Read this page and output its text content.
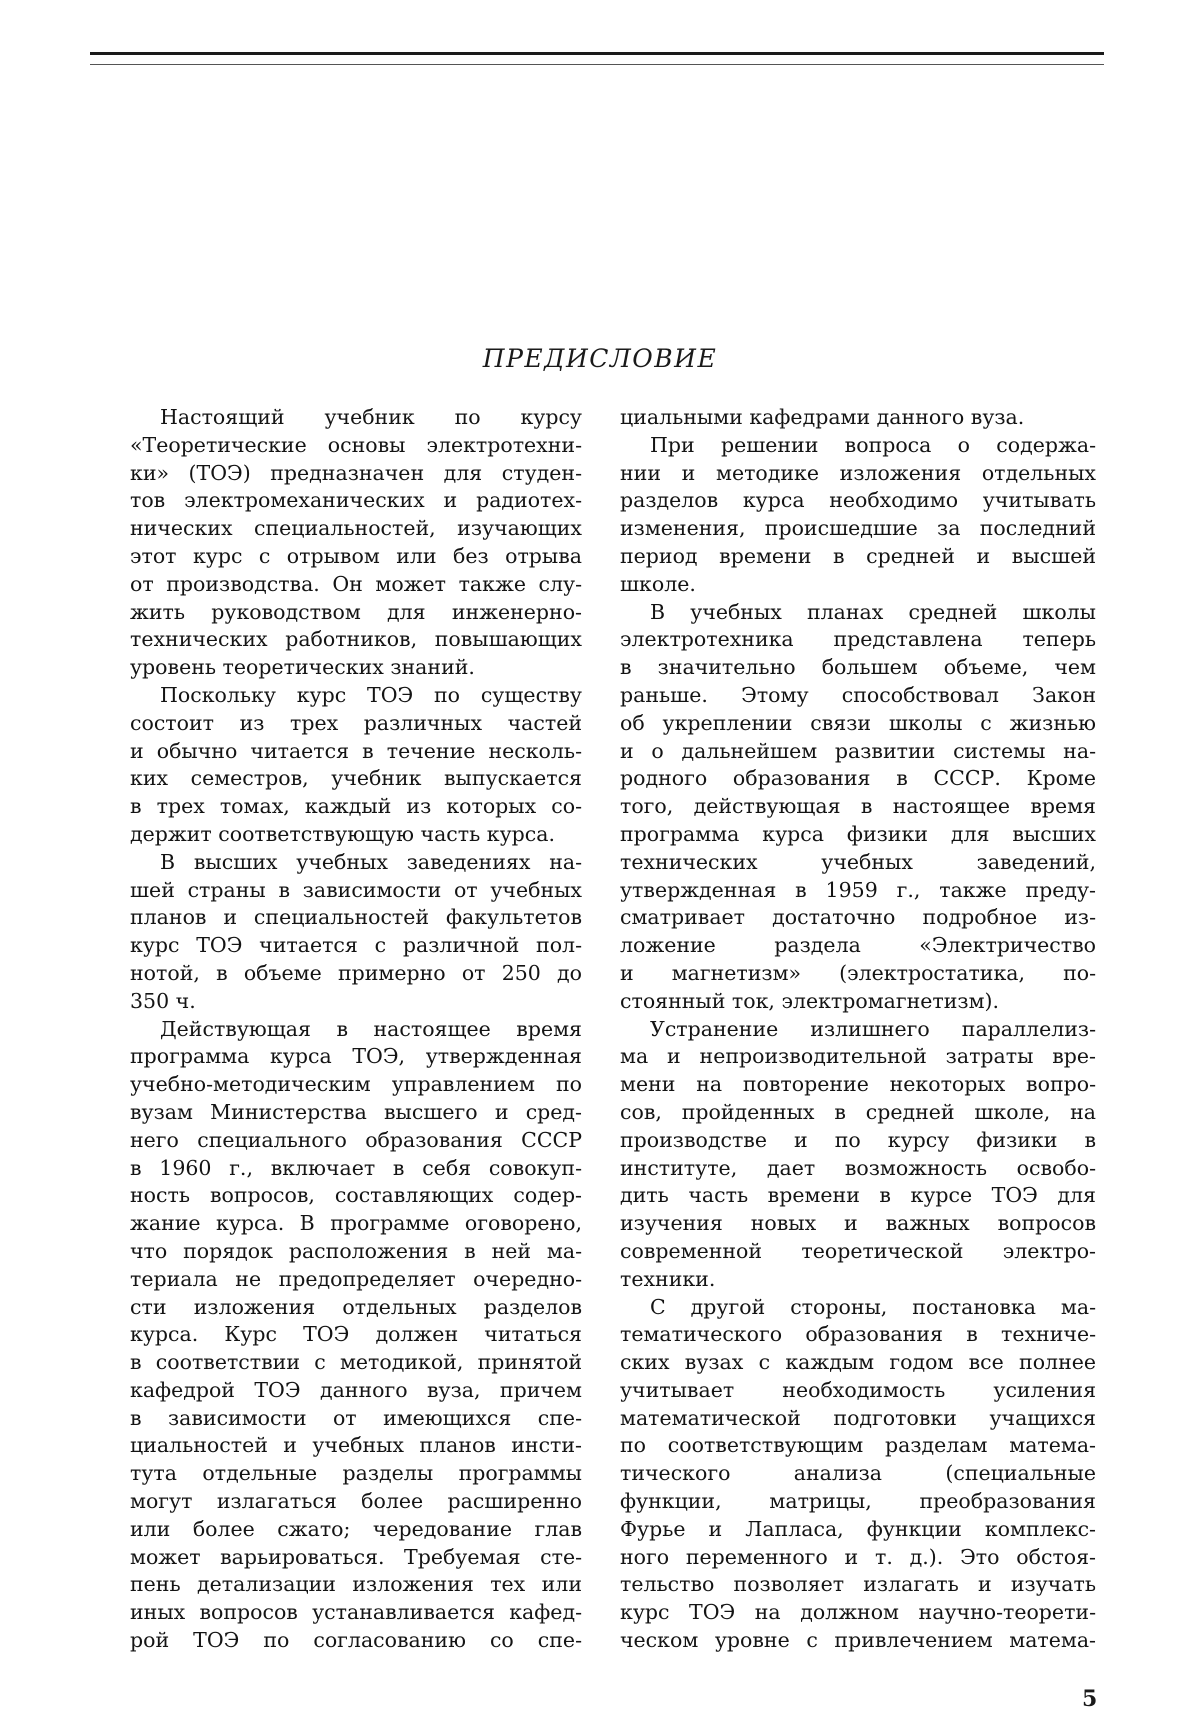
ПРЕДИСЛОВИЕ
Настоящий учебник по курсу
«Теоретические основы электротехни-
ки» (ТОЭ) предназначен для студен-
тов электромеханических и радиотех-
нических специальностей, изучающих
этот курс с отрывом или без отрыва
от производства. Он может также слу-
жить руководством для инженерно-
технических работников, повышающих
уровень теоретических знаний.
Поскольку курс ТОЭ по существу
состоит из трех различных частей
и обычно читается в течение несколь-
ких семестров, учебник выпускается
в трех томах, каждый из которых со-
держит соответствующую часть курса.
В высших учебных заведениях на-
шей страны в зависимости от учебных
планов и специальностей факультетов
курс ТОЭ читается с различной пол-
нотой, в объеме примерно от 250 до
350 ч.
Действующая в настоящее время
программа курса ТОЭ, утвержденная
учебно-методическим управлением по
вузам Министерства высшего и сред-
него специального образования СССР
в 1960 г., включает в себя совокуп-
ность вопросов, составляющих содер-
жание курса. В программе оговорено,
что порядок расположения в ней ма-
териала не предопределяет очередно-
сти изложения отдельных разделов
курса. Курс ТОЭ должен читаться
в соответствии с методикой, принятой
кафедрой ТОЭ данного вуза, причем
в зависимости от имеющихся спе-
циальностей и учебных планов инсти-
тута отдельные разделы программы
могут излагаться более расширенно
или более сжато; чередование глав
может варьироваться. Требуемая сте-
пень детализации изложения тех или
иных вопросов устанавливается кафед-
рой ТОЭ по согласованию со спе-
циальными кафедрами данного вуза.
При решении вопроса о содержа-
нии и методике изложения отдельных
разделов курса необходимо учитывать
изменения, происшедшие за последний
период времени в средней и высшей
школе.
В учебных планах средней школы
электротехника представлена теперь
в значительно большем объеме, чем
раньше. Этому способствовал Закон
об укреплении связи школы с жизнью
и о дальнейшем развитии системы на-
родного образования в СССР. Кроме
того, действующая в настоящее время
программа курса физики для высших
технических учебных заведений,
утвержденная в 1959 г., также преду-
сматривает достаточно подробное из-
ложение раздела «Электричество
и магнетизм» (электростатика, по-
стоянный ток, электромагнетизм).
Устранение излишнего параллелиз-
ма и непроизводительной затраты вре-
мени на повторение некоторых вопро-
сов, пройденных в средней школе, на
производстве и по курсу физики в
институте, дает возможность освобо-
дить часть времени в курсе ТОЭ для
изучения новых и важных вопросов
современной теоретической электро-
техники.
С другой стороны, постановка ма-
тематического образования в техниче-
ских вузах с каждым годом все полнее
учитывает необходимость усиления
математической подготовки учащихся
по соответствующим разделам матема-
тического анализа (специальные
функции, матрицы, преобразования
Фурье и Лапласа, функции комплекс-
ного переменного и т. д.). Это обстоя-
тельство позволяет излагать и изучать
курс ТОЭ на должном научно-теорети-
ческом уровне с привлечением матема-
5
